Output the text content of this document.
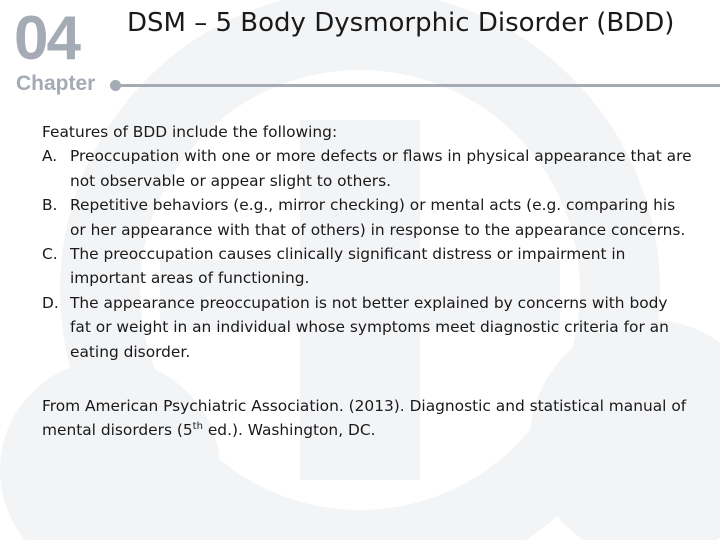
04
Chapter
DSM – 5 Body Dysmorphic Disorder (BDD)

Features of BDD include the following:

A. Preoccupation with one or more defects or flaws in physical appearance that are not observable or appear slight to others.
B. Repetitive behaviors (e.g., mirror checking) or mental acts (e.g. comparing his or her appearance with that of others) in response to the appearance concerns.
C. The preoccupation causes clinically significant distress or impairment in important areas of functioning.
D. The appearance preoccupation is not better explained by concerns with body fat or weight in an individual whose symptoms meet diagnostic criteria for an eating disorder.

From American Psychiatric Association. (2013). Diagnostic and statistical manual of mental disorders (5th ed.). Washington, DC.
